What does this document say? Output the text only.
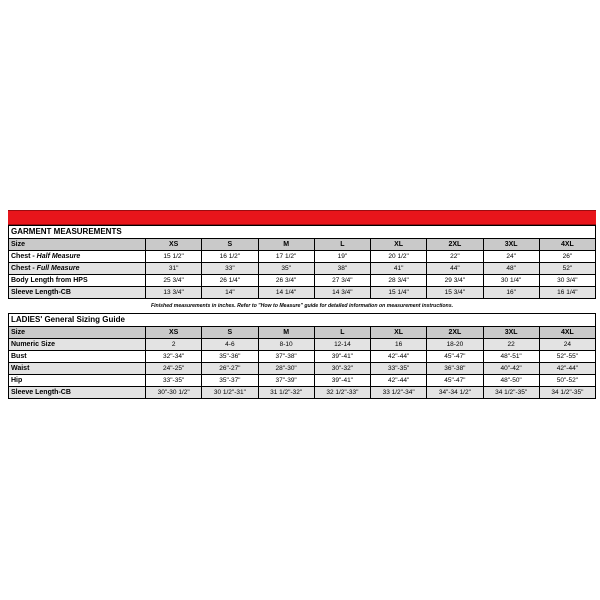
GARMENT MEASUREMENTS
Size	XS	S	M	L	XL	2XL	3XL	4XL
Chest - Half Measure	15 1/2"	16 1/2"	17 1/2"	19"	20 1/2"	22"	24"	26"
Chest - Full Measure	31"	33"	35"	38"	41"	44"	48"	52"
Body Length from HPS	25 3/4"	26 1/4"	26 3/4"	27 3/4"	28 3/4"	29 3/4"	30 1/4"	30 3/4"
Sleeve Length-CB	13 3/4"	14"	14 1/4"	14 3/4"	15 1/4"	15 3/4"	16"	16 1/4"
Finished measurements in inches. Refer to "How to Measure" guide for detailed information on measurement instructions.
LADIES' General Sizing Guide
Size	XS	S	M	L	XL	2XL	3XL	4XL
Numeric Size	2	4-6	8-10	12-14	16	18-20	22	24
Bust	32"-34"	35"-36"	37"-38"	39"-41"	42"-44"	45"-47"	48"-51"	52"-55"
Waist	24"-25"	26"-27"	28"-30"	30"-32"	33"-35"	36"-38"	40"-42"	42"-44"
Hip	33"-35"	35"-37"	37"-39"	39"-41"	42"-44"	45"-47"	48"-50"	50"-52"
Sleeve Length-CB	30"-30 1/2"	30 1/2"-31"	31 1/2"-32"	32 1/2"-33"	33 1/2"-34"	34"-34 1/2"	34 1/2"-35"	34 1/2"-35"
